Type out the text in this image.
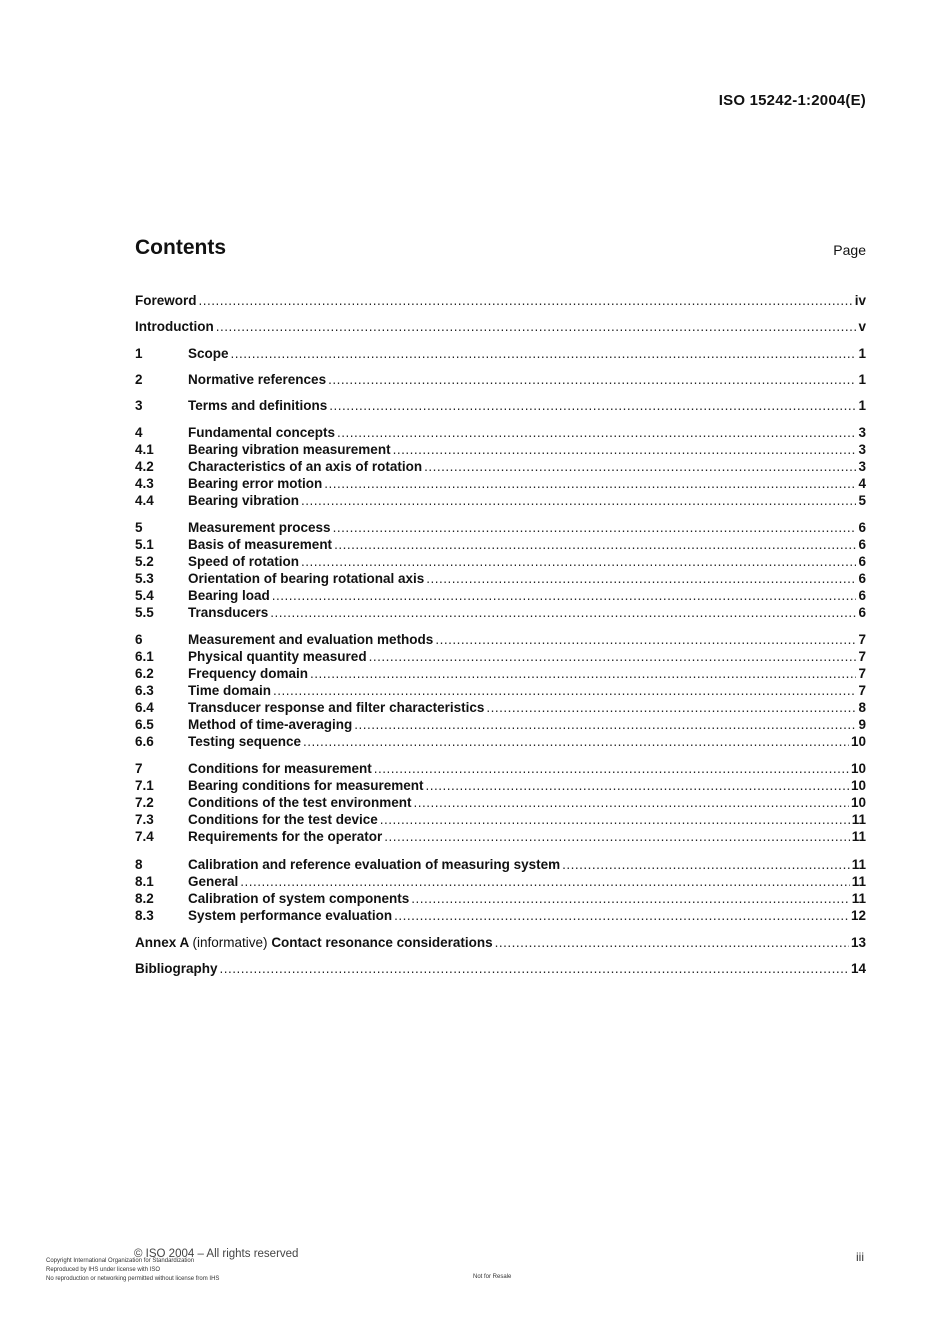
ISO 15242-1:2004(E)
Contents	Page
Foreword .....	iv
Introduction .....	v
1	Scope .....	1
2	Normative references .....	1
3	Terms and definitions .....	1
4	Fundamental concepts .....	3
4.1	Bearing vibration measurement .....	3
4.2	Characteristics of an axis of rotation .....	3
4.3	Bearing error motion .....	4
4.4	Bearing vibration .....	5
5	Measurement process .....	6
5.1	Basis of measurement .....	6
5.2	Speed of rotation .....	6
5.3	Orientation of bearing rotational axis .....	6
5.4	Bearing load .....	6
5.5	Transducers .....	6
6	Measurement and evaluation methods .....	7
6.1	Physical quantity measured .....	7
6.2	Frequency domain .....	7
6.3	Time domain .....	7
6.4	Transducer response and filter characteristics .....	8
6.5	Method of time-averaging .....	9
6.6	Testing sequence .....	10
7	Conditions for measurement .....	10
7.1	Bearing conditions for measurement .....	10
7.2	Conditions of the test environment .....	10
7.3	Conditions for the test device .....	11
7.4	Requirements for the operator .....	11
8	Calibration and reference evaluation of measuring system .....	11
8.1	General .....	11
8.2	Calibration of system components .....	11
8.3	System performance evaluation .....	12
Annex A (informative) Contact resonance considerations .....	13
Bibliography .....	14
© ISO 2004 – All rights reserved
Copyright International Organization for Standardization
Reproduced by IHS under license with ISO
No reproduction or networking permitted without license from IHS	Not for Resale
iii
